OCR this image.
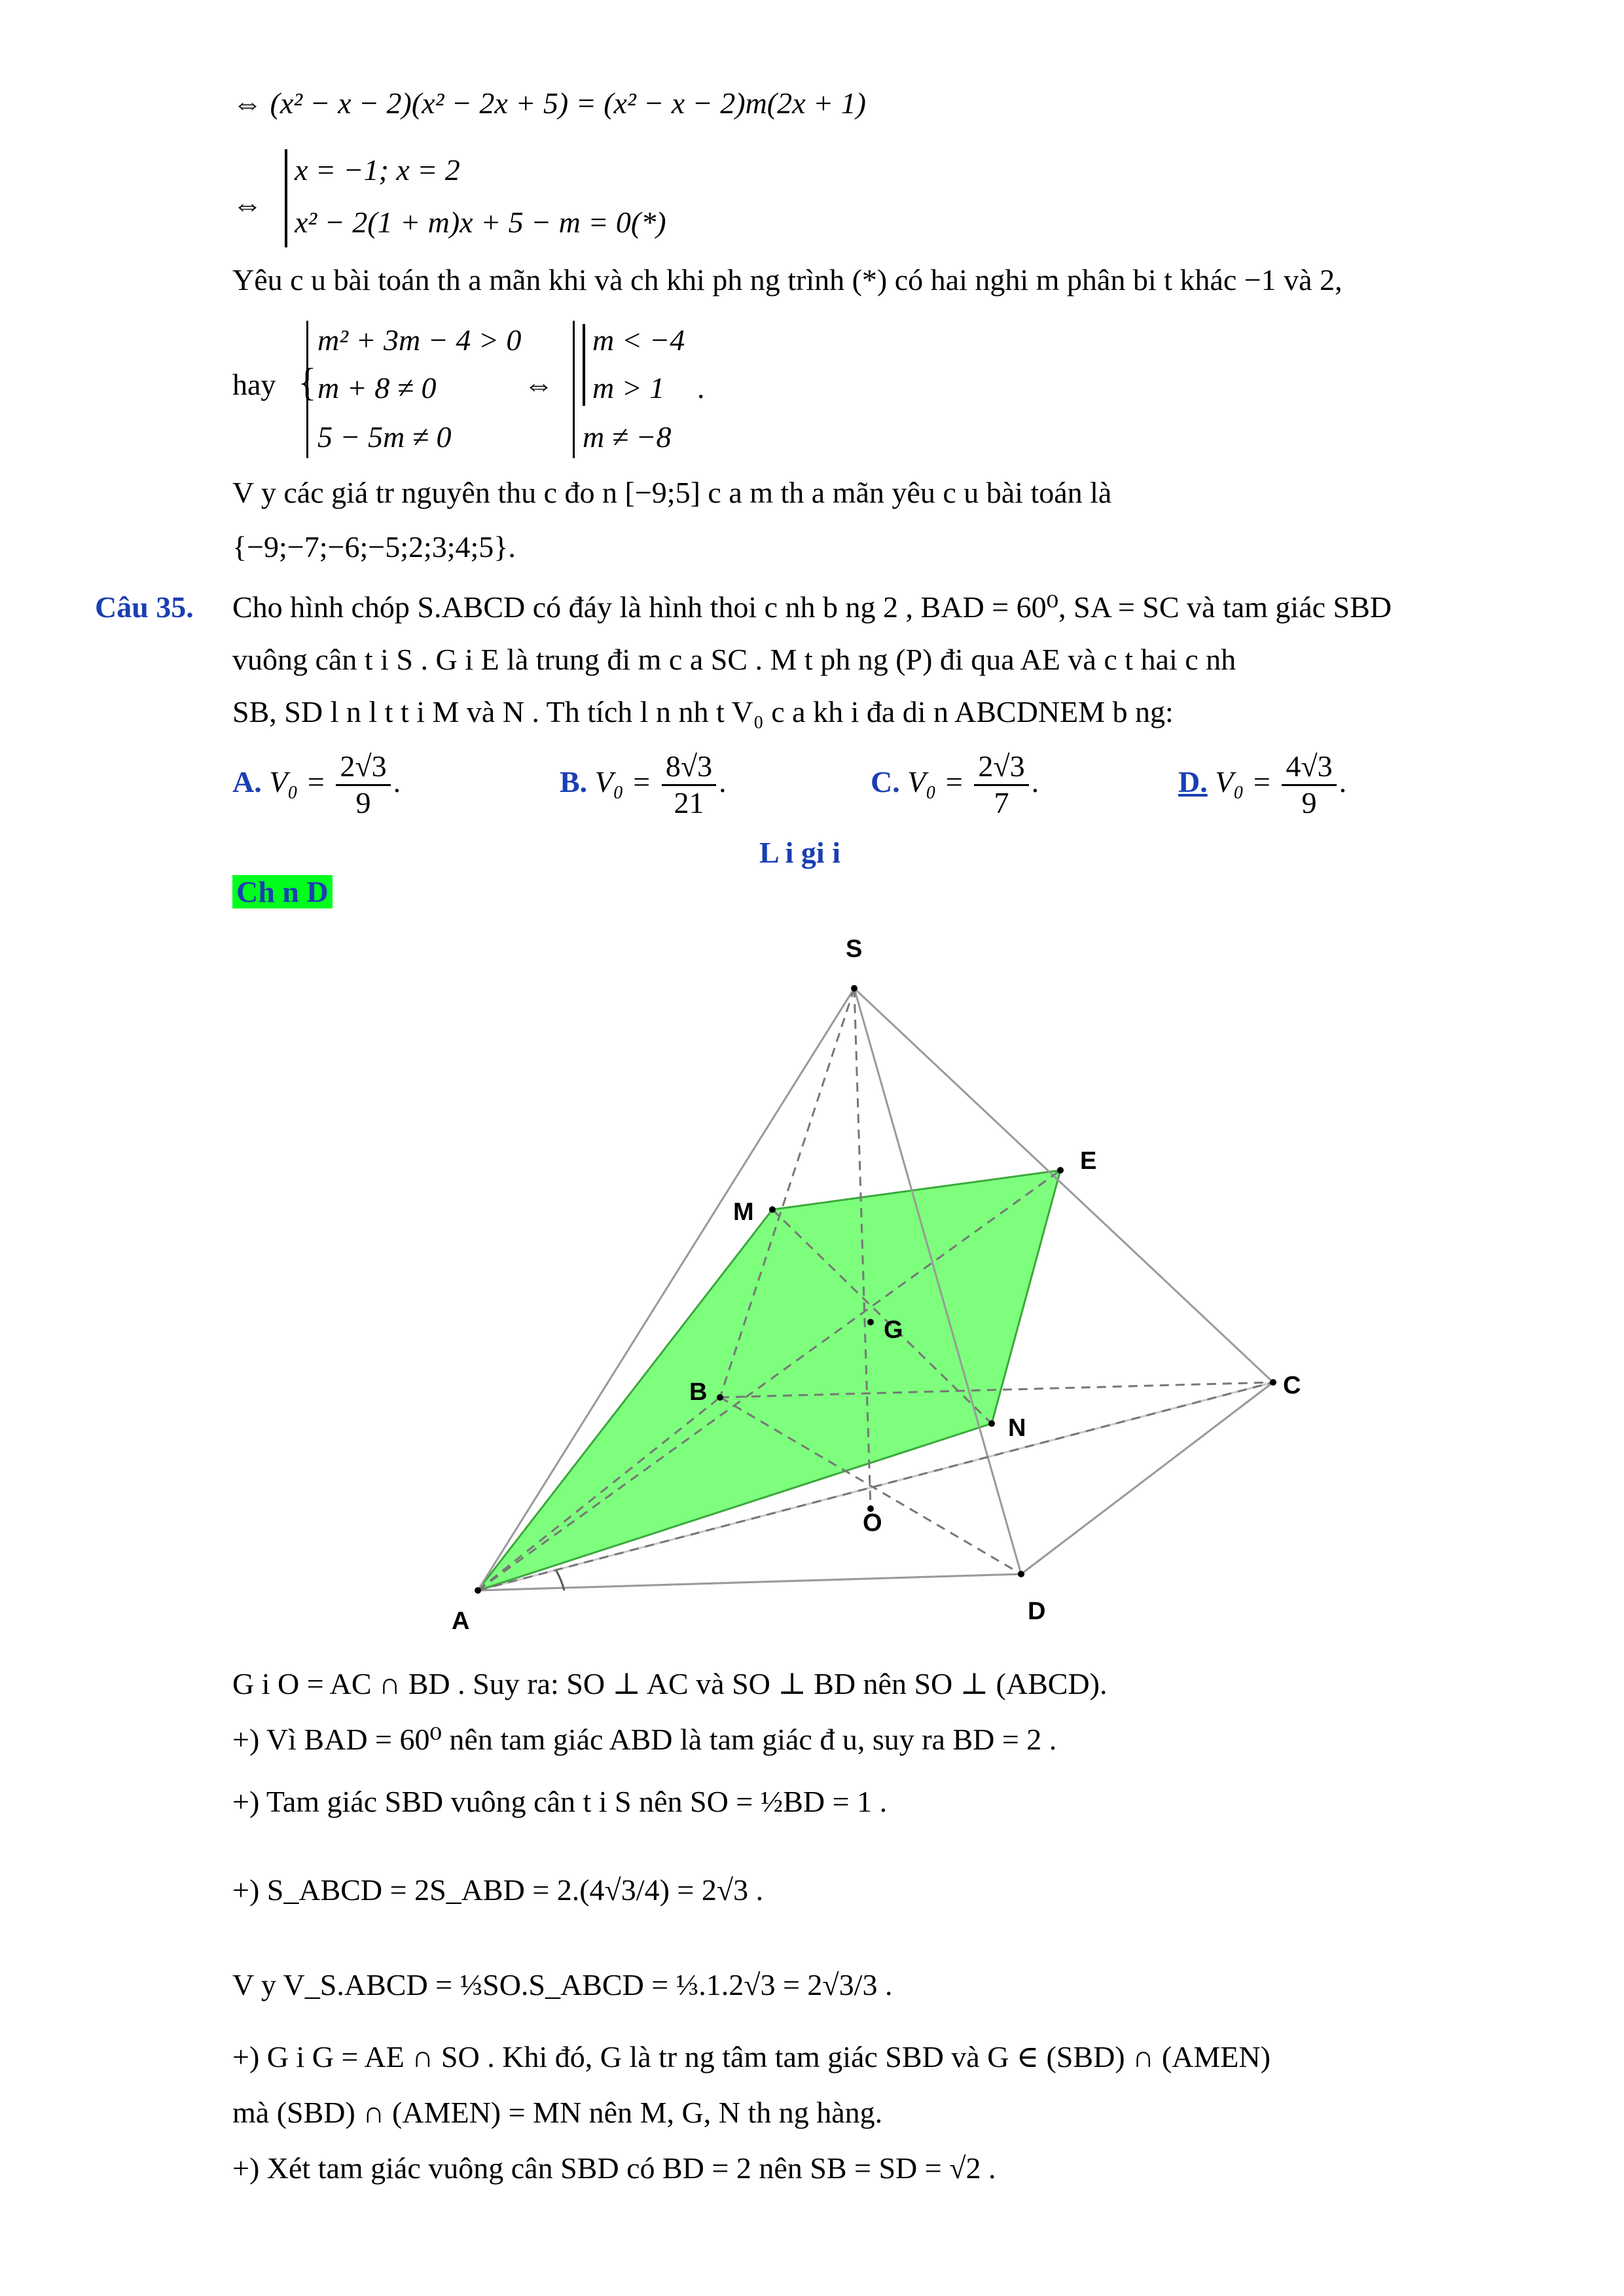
⇔ (x² − x − 2)(x² − 2x + 5) = (x² − x − 2)m(2x + 1)
⇔
x = −1; x = 2
x² − 2(1 + m)x + 5 − m = 0(*)
Yêu c u bài toán th a mãn khi và ch khi ph ng trình (*) có hai nghi m phân bi t khác −1 và 2,
hay {
m² + 3m − 4 > 0
m + 8 ≠ 0
5 − 5m ≠ 0
⇔
m < −4
m > 1
m ≠ −8
.
V y các giá tr nguyên thu c đo n [−9;5] c a m th a mãn yêu c u bài toán là
{−9;−7;−6;−5;2;3;4;5}.
Câu 35. Cho hình chóp S.ABCD có đáy là hình thoi c nh b ng 2 , BAD = 60⁰, SA = SC và tam giác SBD
vuông cân t i S . G i E là trung đi m c a SC . M t ph ng (P) đi qua AE và c t hai c nh
SB, SD l n l t t i M và N . Th tích l n nh t V₀ c a kh i đa di n ABCDNEM b ng:
A. $V_0 = \frac{2√3}{9}$ .	B. $V_0 = \frac{8√3}{21}$ .	C. $V_0 = \frac{2√3}{7}$ .	D. $V_0 = \frac{4√3}{9}$ .
L i gi i
Ch n D
S
E
M
G
B	C
N
O
A	D
G i O = AC ∩ BD . Suy ra: SO ⊥ AC và SO ⊥ BD nên SO ⊥ (ABCD).
+) Vì BAD = 60⁰ nên tam giác ABD là tam giác đ u, suy ra BD = 2 .
+) Tam giác SBD vuông cân t i S nên SO = ½BD = 1 .
+) S_ABCD = 2S_ABD = 2.(4√3/4) = 2√3 .
V y V_S.ABCD = ⅓SO.S_ABCD = ⅓.1.2√3 = 2√3/3 .
+) G i G = AE ∩ SO . Khi đó, G là tr ng tâm tam giác SBD và G ∈ (SBD) ∩ (AMEN)
mà (SBD) ∩ (AMEN) = MN nên M, G, N th ng hàng.
+) Xét tam giác vuông cân SBD có BD = 2 nên SB = SD = √2 .
